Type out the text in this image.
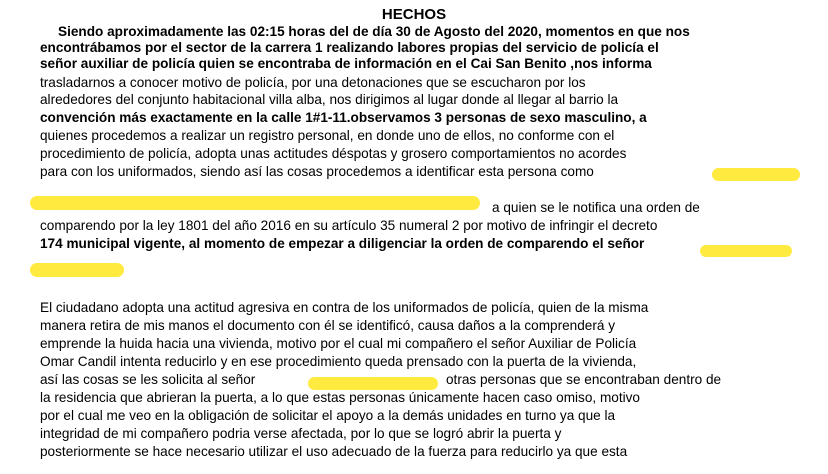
HECHOS
Siendo aproximadamente las 02:15 horas del de día 30 de Agosto del 2020, momentos en que nos
encontrábamos por el sector de la carrera 1 realizando labores propias del servicio de policía el
señor auxiliar de policía quien se encontraba de información en el Cai San Benito ,nos informa
trasladarnos a conocer motivo de policía, por una detonaciones que se escucharon por los
alrededores del conjunto habitacional villa alba, nos dirigimos al lugar donde al llegar al barrio la
convención más exactamente en la calle 1#1-11.observamos 3 personas de sexo masculino, a
quienes procedemos a realizar un registro personal, en donde uno de ellos, no conforme con el
procedimiento de policía, adopta unas actitudes déspotas y grosero comportamientos no acordes
para con los uniformados, siendo así las cosas procedemos a identificar esta persona como
a quien se le notifica una orden de
comparendo por la ley 1801 del año 2016 en su artículo 35 numeral 2 por motivo de infringir el decreto
174 municipal vigente, al momento de empezar a diligenciar la orden de comparendo el señor
El ciudadano adopta una actitud agresiva en contra de los uniformados de policía, quien de la misma
manera retira de mis manos el documento con él se identificó, causa daños a la comprenderá y
emprende la huida hacia una vivienda, motivo por el cual mi compañero el señor Auxiliar de Policía
Omar Candil intenta reducirlo y en ese procedimiento queda prensado con la puerta de la vivienda,
así las cosas se les solicita al señor	otras personas que se encontraban dentro de
la residencia que abrieran la puerta, a lo que estas personas únicamente hacen caso omiso, motivo
por el cual me veo en la obligación de solicitar el apoyo a la demás unidades en turno ya que la
integridad de mi compañero podria verse afectada, por lo que se logró abrir la puerta y
posteriormente se hace necesario utilizar el uso adecuado de la fuerza para reducirlo ya que esta
